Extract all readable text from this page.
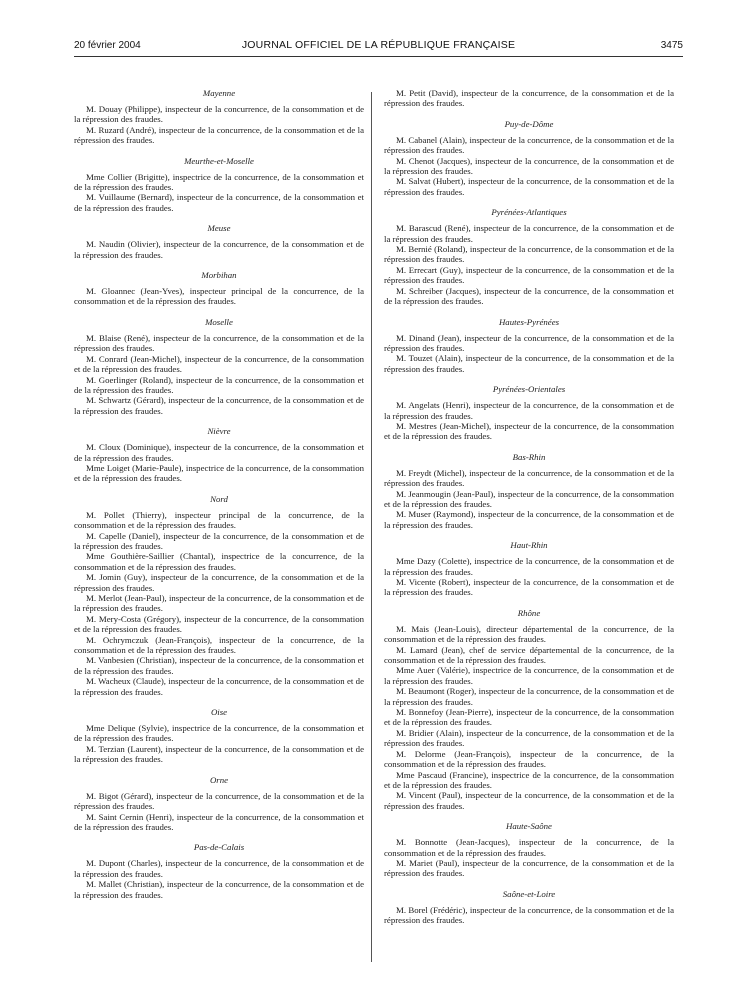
20 février 2004	JOURNAL OFFICIEL DE LA RÉPUBLIQUE FRANÇAISE	3475
Mayenne

M. Douay (Philippe), inspecteur de la concurrence, de la consommation et de la répression des fraudes.

M. Ruzard (André), inspecteur de la concurrence, de la consommation et de la répression des fraudes.

Meurthe-et-Moselle

Mme Collier (Brigitte), inspectrice de la concurrence, de la consommation et de la répression des fraudes.

M. Vuillaume (Bernard), inspecteur de la concurrence, de la consommation et de la répression des fraudes.

Meuse

M. Naudin (Olivier), inspecteur de la concurrence, de la consommation et de la répression des fraudes.

Morbihan

M. Gloannec (Jean-Yves), inspecteur principal de la concurrence, de la consommation et de la répression des fraudes.

Moselle

M. Blaise (René), inspecteur de la concurrence, de la consommation et de la répression des fraudes.

M. Conrard (Jean-Michel), inspecteur de la concurrence, de la consommation et de la répression des fraudes.

M. Goerlinger (Roland), inspecteur de la concurrence, de la consommation et de la répression des fraudes.

M. Schwartz (Gérard), inspecteur de la concurrence, de la consommation et de la répression des fraudes.

Nièvre

M. Cloux (Dominique), inspecteur de la concurrence, de la consommation et de la répression des fraudes.

Mme Loiget (Marie-Paule), inspectrice de la concurrence, de la consommation et de la répression des fraudes.

Nord

M. Pollet (Thierry), inspecteur principal de la concurrence, de la consommation et de la répression des fraudes.

M. Capelle (Daniel), inspecteur de la concurrence, de la consommation et de la répression des fraudes.

Mme Gouthière-Saillier (Chantal), inspectrice de la concurrence, de la consommation et de la répression des fraudes.

M. Jomin (Guy), inspecteur de la concurrence, de la consommation et de la répression des fraudes.

M. Merlot (Jean-Paul), inspecteur de la concurrence, de la consommation et de la répression des fraudes.

M. Mery-Costa (Grégory), inspecteur de la concurrence, de la consommation et de la répression des fraudes.

M. Ochrymczuk (Jean-François), inspecteur de la concurrence, de la consommation et de la répression des fraudes.

M. Vanbesien (Christian), inspecteur de la concurrence, de la consommation et de la répression des fraudes.

M. Wacheux (Claude), inspecteur de la concurrence, de la consommation et de la répression des fraudes.

Oise

Mme Delique (Sylvie), inspectrice de la concurrence, de la consommation et de la répression des fraudes.

M. Terzian (Laurent), inspecteur de la concurrence, de la consommation et de la répression des fraudes.

Orne

M. Bigot (Gérard), inspecteur de la concurrence, de la consommation et de la répression des fraudes.

M. Saint Cernin (Henri), inspecteur de la concurrence, de la consommation et de la répression des fraudes.

Pas-de-Calais

M. Dupont (Charles), inspecteur de la concurrence, de la consommation et de la répression des fraudes.

M. Mallet (Christian), inspecteur de la concurrence, de la consommation et de la répression des fraudes.

M. Petit (David), inspecteur de la concurrence, de la consommation et de la répression des fraudes.

Puy-de-Dôme

M. Cabanel (Alain), inspecteur de la concurrence, de la consommation et de la répression des fraudes.

M. Chenot (Jacques), inspecteur de la concurrence, de la consommation et de la répression des fraudes.

M. Salvat (Hubert), inspecteur de la concurrence, de la consommation et de la répression des fraudes.

Pyrénées-Atlantiques

M. Barascud (René), inspecteur de la concurrence, de la consommation et de la répression des fraudes.

M. Bernié (Roland), inspecteur de la concurrence, de la consommation et de la répression des fraudes.

M. Errecart (Guy), inspecteur de la concurrence, de la consommation et de la répression des fraudes.

M. Schreiber (Jacques), inspecteur de la concurrence, de la consommation et de la répression des fraudes.

Hautes-Pyrénées

M. Dinand (Jean), inspecteur de la concurrence, de la consommation et de la répression des fraudes.

M. Touzet (Alain), inspecteur de la concurrence, de la consommation et de la répression des fraudes.

Pyrénées-Orientales

M. Angelats (Henri), inspecteur de la concurrence, de la consommation et de la répression des fraudes.

M. Mestres (Jean-Michel), inspecteur de la concurrence, de la consommation et de la répression des fraudes.

Bas-Rhin

M. Freydt (Michel), inspecteur de la concurrence, de la consommation et de la répression des fraudes.

M. Jeanmougin (Jean-Paul), inspecteur de la concurrence, de la consommation et de la répression des fraudes.

M. Muser (Raymond), inspecteur de la concurrence, de la consommation et de la répression des fraudes.

Haut-Rhin

Mme Dazy (Colette), inspectrice de la concurrence, de la consommation et de la répression des fraudes.

M. Vicente (Robert), inspecteur de la concurrence, de la consommation et de la répression des fraudes.

Rhône

M. Mais (Jean-Louis), directeur départemental de la concurrence, de la consommation et de la répression des fraudes.

M. Lamard (Jean), chef de service départemental de la concurrence, de la consommation et de la répression des fraudes.

Mme Auer (Valérie), inspectrice de la concurrence, de la consommation et de la répression des fraudes.

M. Beaumont (Roger), inspecteur de la concurrence, de la consommation et de la répression des fraudes.

M. Bonnefoy (Jean-Pierre), inspecteur de la concurrence, de la consommation et de la répression des fraudes.

M. Bridier (Alain), inspecteur de la concurrence, de la consommation et de la répression des fraudes.

M. Delorme (Jean-François), inspecteur de la concurrence, de la consommation et de la répression des fraudes.

Mme Pascaud (Francine), inspectrice de la concurrence, de la consommation et de la répression des fraudes.

M. Vincent (Paul), inspecteur de la concurrence, de la consommation et de la répression des fraudes.

Haute-Saône

M. Bonnotte (Jean-Jacques), inspecteur de la concurrence, de la consommation et de la répression des fraudes.

M. Mariet (Paul), inspecteur de la concurrence, de la consommation et de la répression des fraudes.

Saône-et-Loire

M. Borel (Frédéric), inspecteur de la concurrence, de la consommation et de la répression des fraudes.
